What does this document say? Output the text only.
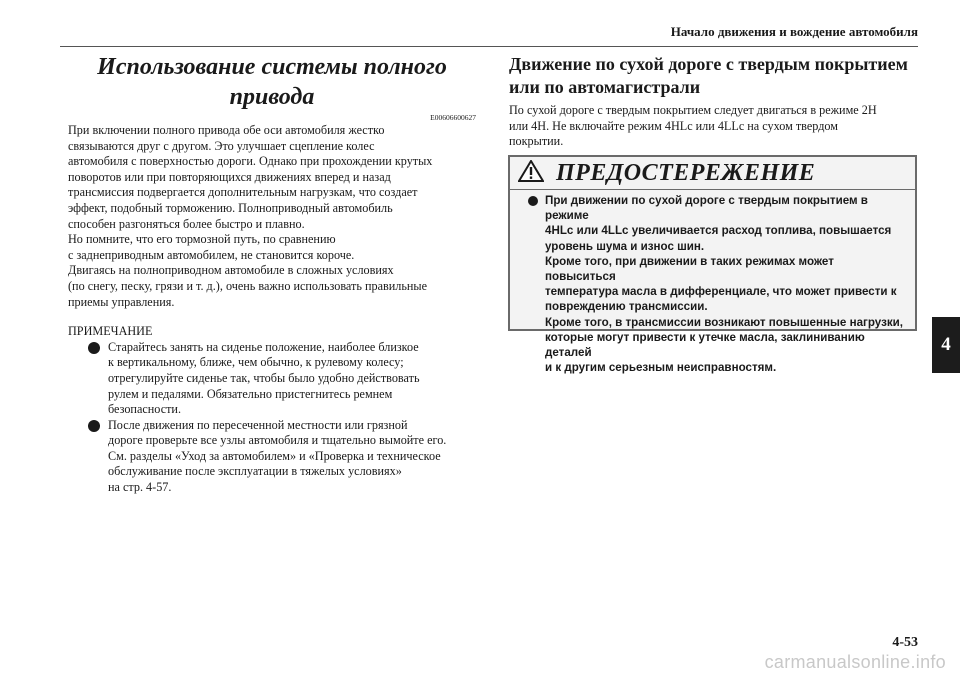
Начало движения и вождение автомобиля
Использование системы полного привода
E00606600627

При включении полного привода обе оси автомобиля жестко

связываются друг с другом. Это улучшает сцепление колес

автомобиля с поверхностью дороги. Однако при прохождении крутых

поворотов или при повторяющихся движениях вперед и назад

трансмиссия подвергается дополнительным нагрузкам, что создает

эффект, подобный торможению. Полноприводный автомобиль

способен разгоняться более быстро и плавно.

Но помните, что его тормозной путь, по сравнению

с заднеприводным автомобилем, не становится короче.

Двигаясь на полноприводном автомобиле в сложных условиях

(по снегу, песку, грязи и т. д.), очень важно использовать правильные

приемы управления.

ПРИМЕЧАНИЕ

Старайтесь занять на сиденье положение, наиболее близкое

к вертикальному, ближе, чем обычно, к рулевому колесу;

отрегулируйте сиденье так, чтобы было удобно действовать

рулем и педалями. Обязательно пристегнитесь ремнем

безопасности.

После движения по пересеченной местности или грязной

дороге проверьте все узлы автомобиля и тщательно вымойте его.

См. разделы «Уход за автомобилем» и «Проверка и техническое

обслуживание после эксплуатации в тяжелых условиях»

на стр. 4-57.

Движение по сухой дороге с твердым покрытием
или по автомагистрали
По сухой дороге с твердым покрытием следует двигаться в режиме 2H
или 4H. Не включайте режим 4HLc или 4LLc на сухом твердом
покрытии.
ПРЕДОСТЕРЕЖЕНИЕ
При движении по сухой дороге с твердым покрытием в режиме
4HLc или 4LLc увеличивается расход топлива, повышается
уровень шума и износ шин.
Кроме того, при движении в таких режимах может повыситься
температура масла в дифференциале, что может привести к
повреждению трансмиссии.
Кроме того, в трансмиссии возникают повышенные нагрузки,
которые могут привести к утечке масла, заклиниванию деталей
и к другим серьезным неисправностям.
4
4-53
carmanualsonline.info
